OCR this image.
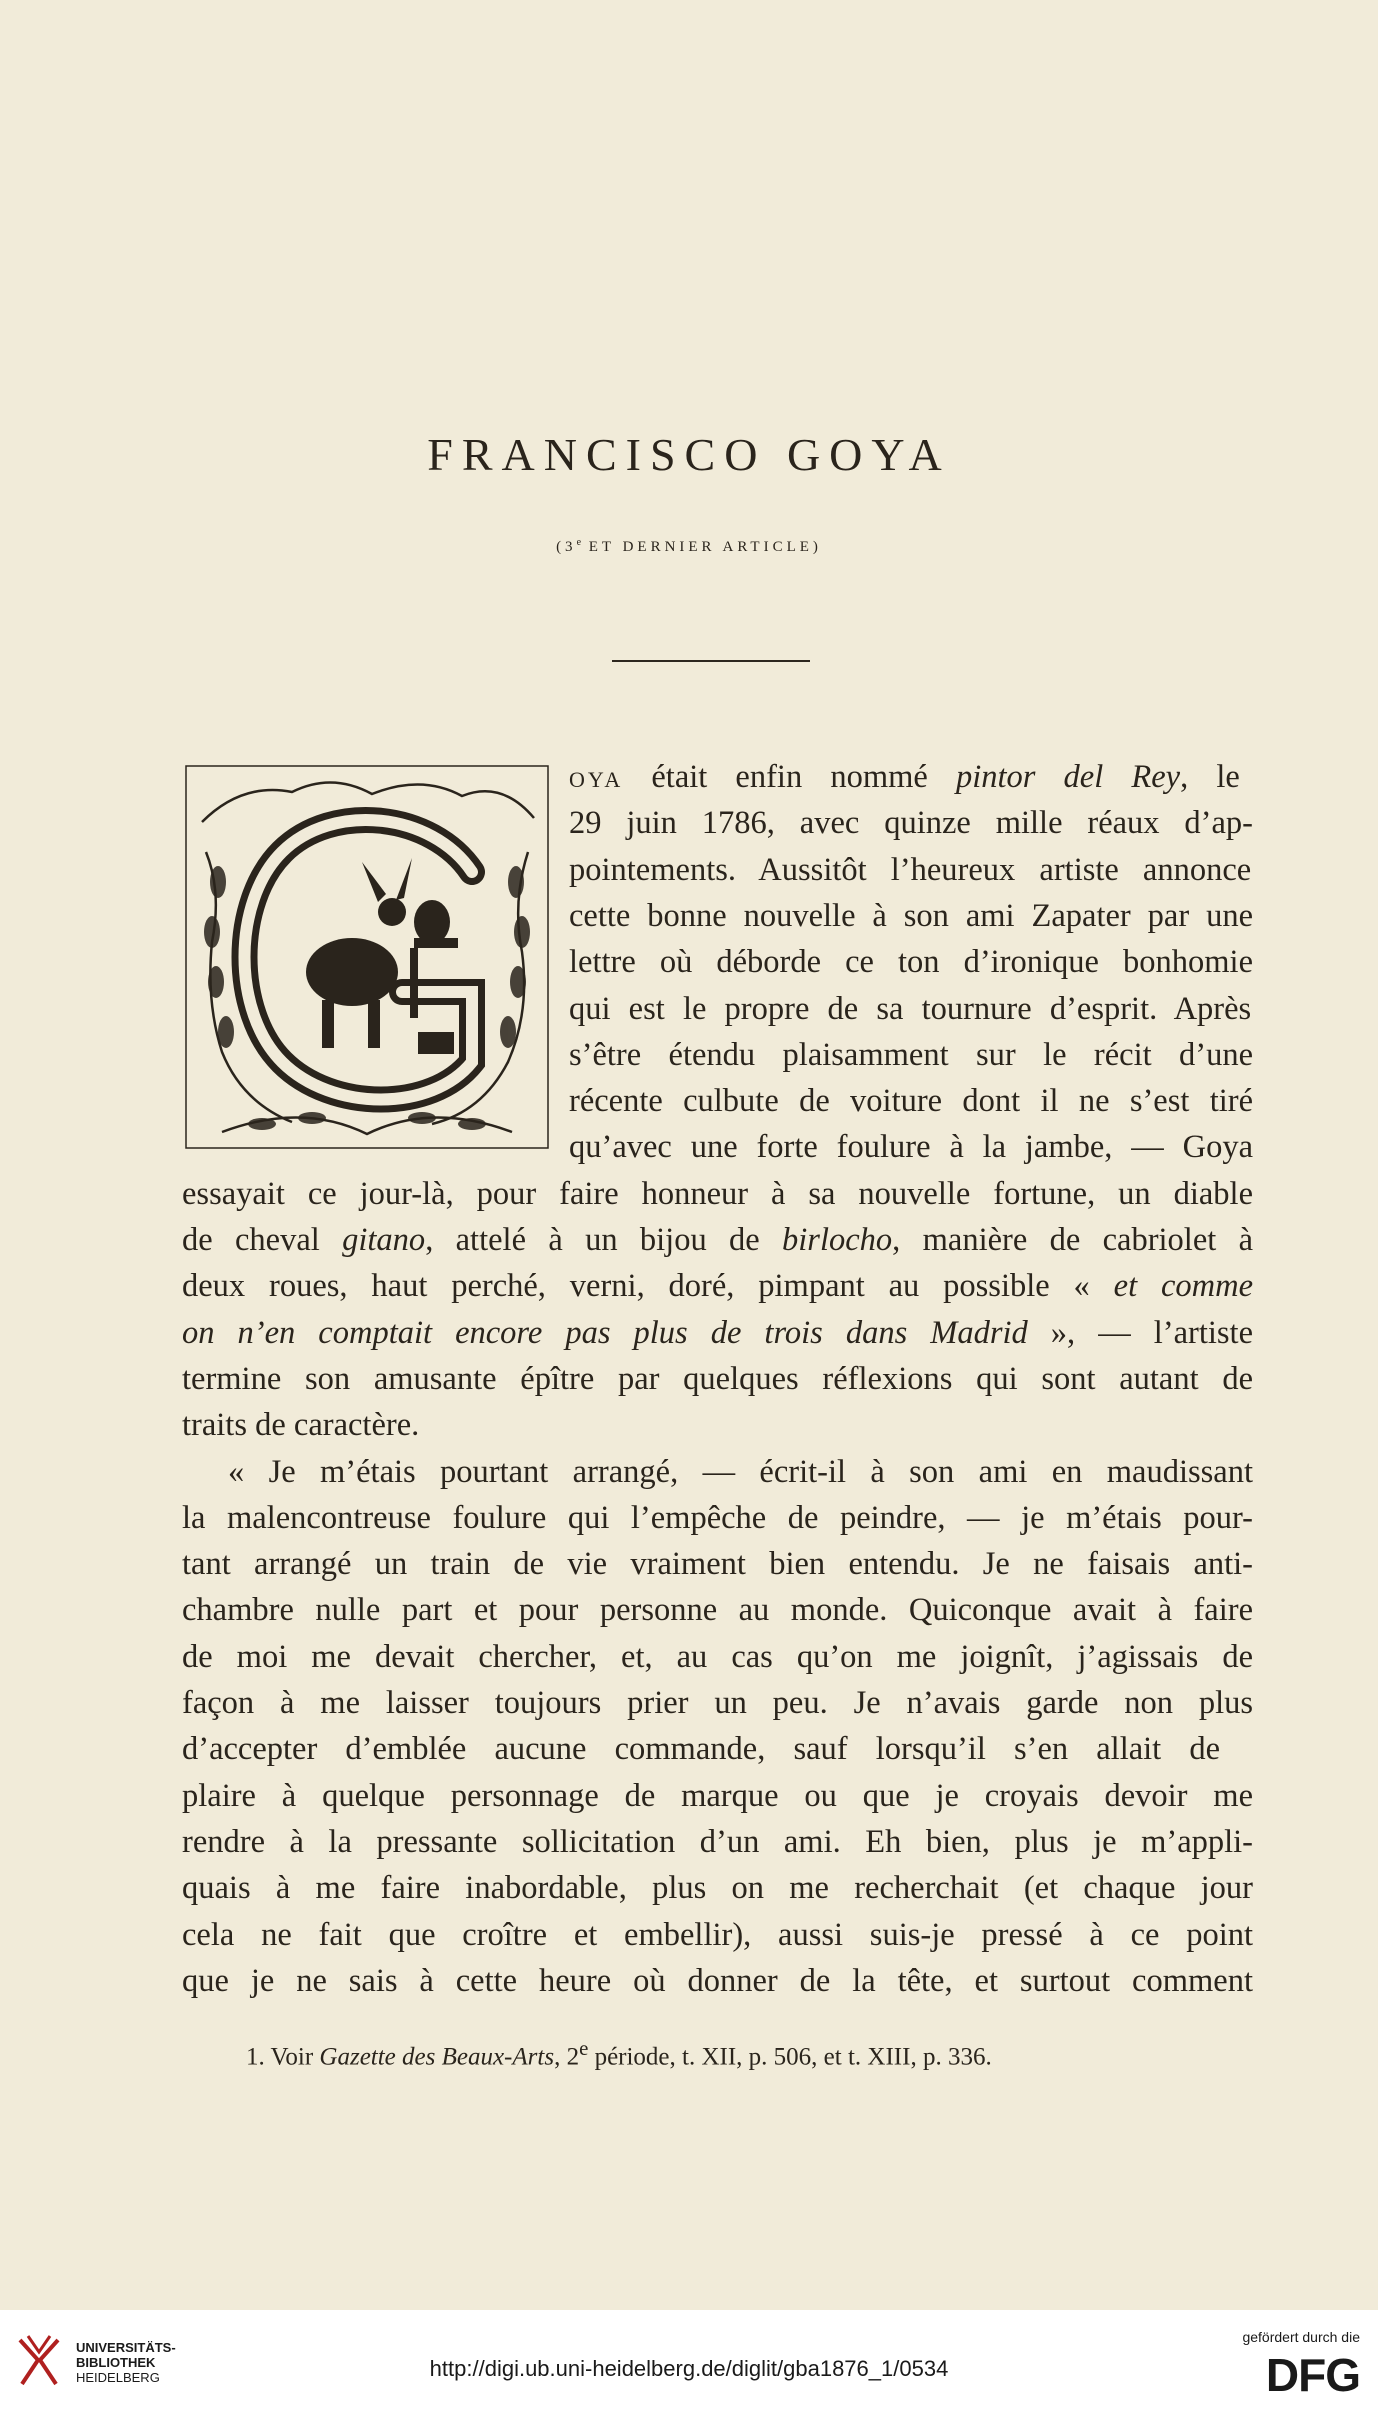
FRANCISCO GOYA
(3e ET DERNIER ARTICLE)
OYA était enfin nommé pintor del Rey, le
29 juin 1786, avec quinze mille réaux d’ap-
pointements. Aussitôt l’heureux artiste annonce
cette bonne nouvelle à son ami Zapater par une
lettre où déborde ce ton d’ironique bonhomie
qui est le propre de sa tournure d’esprit. Après
s’être étendu plaisamment sur le récit d’une
récente culbute de voiture dont il ne s’est tiré
qu’avec une forte foulure à la jambe, — Goya
essayait ce jour-là, pour faire honneur à sa nouvelle fortune, un diable
de cheval gitano, attelé à un bijou de birlocho, manière de cabriolet à
deux roues, haut perché, verni, doré, pimpant au possible « et comme
on n’en comptait encore pas plus de trois dans Madrid », — l’artiste
termine son amusante épître par quelques réflexions qui sont autant de
traits de caractère.
« Je m’étais pourtant arrangé, — écrit-il à son ami en maudissant
la malencontreuse foulure qui l’empêche de peindre, — je m’étais pour-
tant arrangé un train de vie vraiment bien entendu. Je ne faisais anti-
chambre nulle part et pour personne au monde. Quiconque avait à faire
de moi me devait chercher, et, au cas qu’on me joignît, j’agissais de
façon à me laisser toujours prier un peu. Je n’avais garde non plus
d’accepter d’emblée aucune commande, sauf lorsqu’il s’en allait de
plaire à quelque personnage de marque ou que je croyais devoir me
rendre à la pressante sollicitation d’un ami. Eh bien, plus je m’appli-
quais à me faire inabordable, plus on me recherchait (et chaque jour
cela ne fait que croître et embellir), aussi suis-je pressé à ce point
que je ne sais à cette heure où donner de la tête, et surtout comment
1. Voir Gazette des Beaux-Arts, 2e période, t. XII, p. 506, et t. XIII, p. 336.
UNIVERSITÄTS-
BIBLIOTHEK
HEIDELBERG	http://digi.ub.uni-heidelberg.de/diglit/gba1876_1/0534
gefördert durch die
DFG
